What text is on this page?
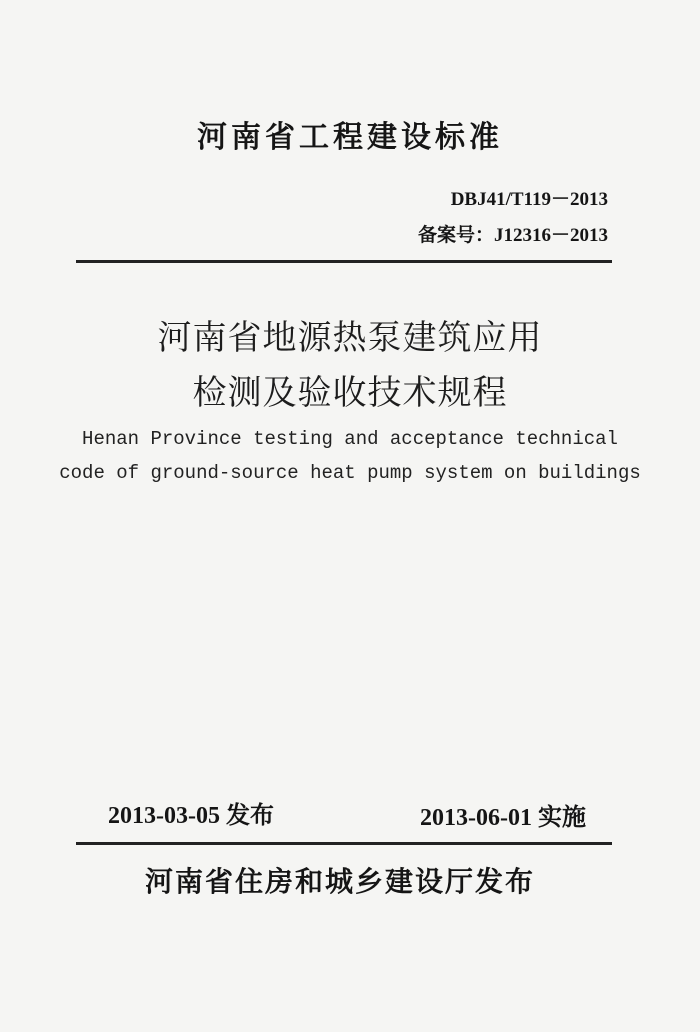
河南省工程建设标准
DBJ41/T119－2013
备案号：J12316－2013
河南省地源热泵建筑应用
检测及验收技术规程
Henan Province testing and acceptance technical
code of ground-source heat pump system on buildings
2013-03-05 发布	2013-06-01 实施
河南省住房和城乡建设厅发布
